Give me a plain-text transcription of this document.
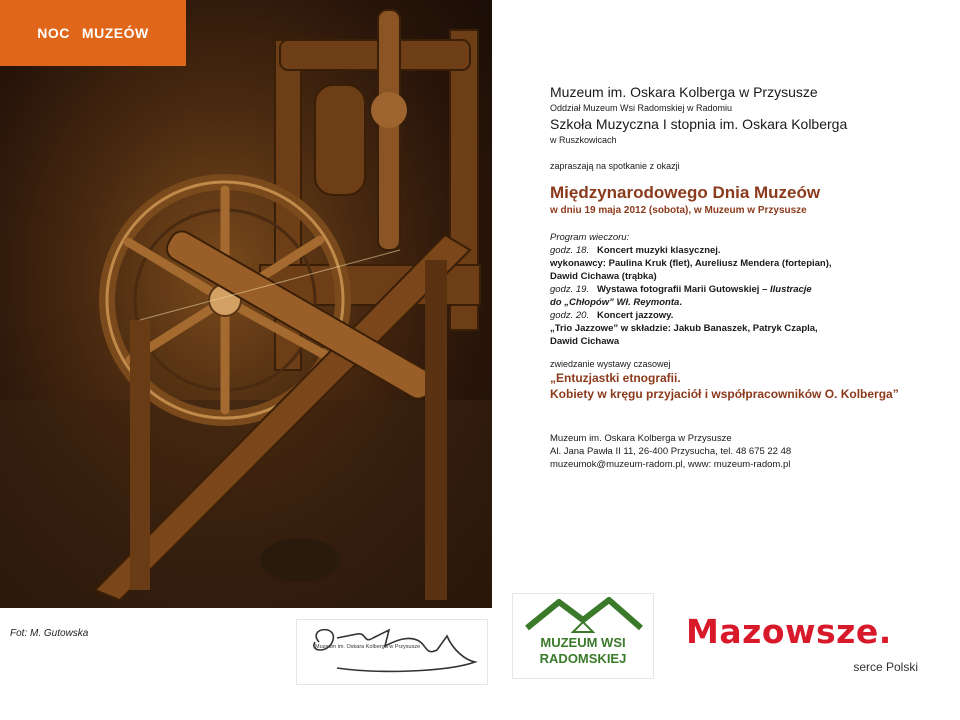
NOC MUZEÓW
Fot: M. Gutowska
Muzeum im. Oskara Kolberga w Przysusze
Oddział Muzeum Wsi Radomskiej w Radomiu
Szkoła Muzyczna I stopnia im. Oskara Kolberga
w Ruszkowicach
zapraszają na spotkanie z okazji
Międzynarodowego Dnia Muzeów
w dniu 19 maja 2012 (sobota), w Muzeum w Przysusze
Program wieczoru:
godz. 18. Koncert muzyki klasycznej.
wykonawcy: Paulina Kruk (flet), Aureliusz Mendera (fortepian),
Dawid Cichawa (trąbka)
godz. 19. Wystawa fotografii Marii Gutowskiej – Ilustracje
do „Chłopów” Wł. Reymonta.
godz. 20. Koncert jazzowy.
„Trio Jazzowe” w składzie: Jakub Banaszek, Patryk Czapla,
Dawid Cichawa
zwiedzanie wystawy czasowej
„Entuzjastki etnografii.
Kobiety w kręgu przyjaciół i współpracowników O. Kolberga”
Muzeum im. Oskara Kolberga w Przysusze
Al. Jana Pawła II 11, 26-400 Przysucha, tel. 48 675 22 48
muzeumok@muzeum-radom.pl, www: muzeum-radom.pl
Muzeum im. Oskara Kolberga w Przysusze	MUZEUM WSI
RADOMSKIEJ
Mazowsze.
serce Polski
